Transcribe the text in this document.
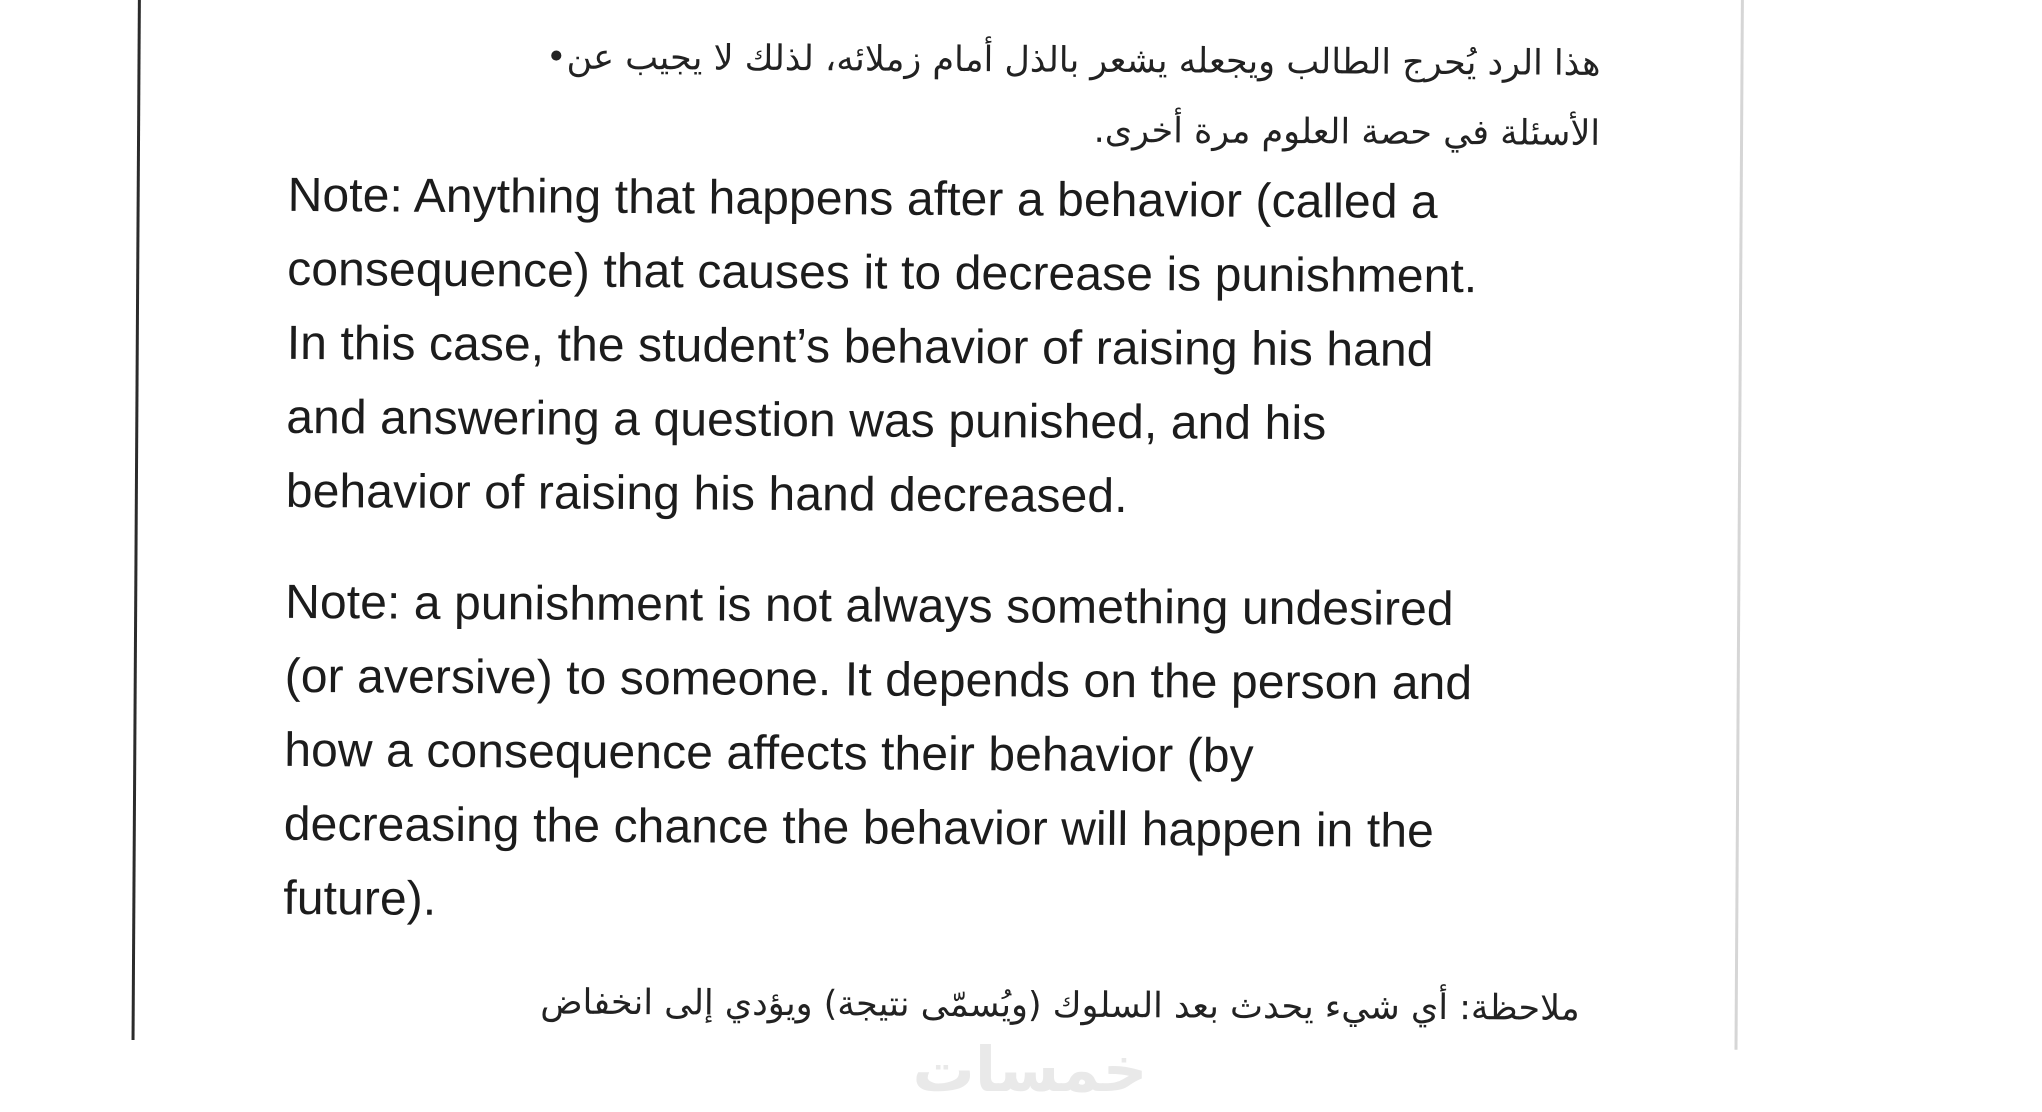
هذا الرد يُحرج الطالب ويجعله يشعر بالذل أمام زملائه، لذلك لا يجيب عن•
الأسئلة في حصة العلوم مرة أخرى.
Note: Anything that happens after a behavior (called a
consequence) that causes it to decrease is punishment.
In this case, the student’s behavior of raising his hand
and answering a question was punished, and his
behavior of raising his hand decreased.
Note: a punishment is not always something undesired
(or aversive) to someone. It depends on the person and
how a consequence affects their behavior (by
decreasing the chance the behavior will happen in the
future).
ملاحظة: أي شيء يحدث بعد السلوك (ويُسمّى نتيجة) ويؤدي إلى انخفاض
خمسات
